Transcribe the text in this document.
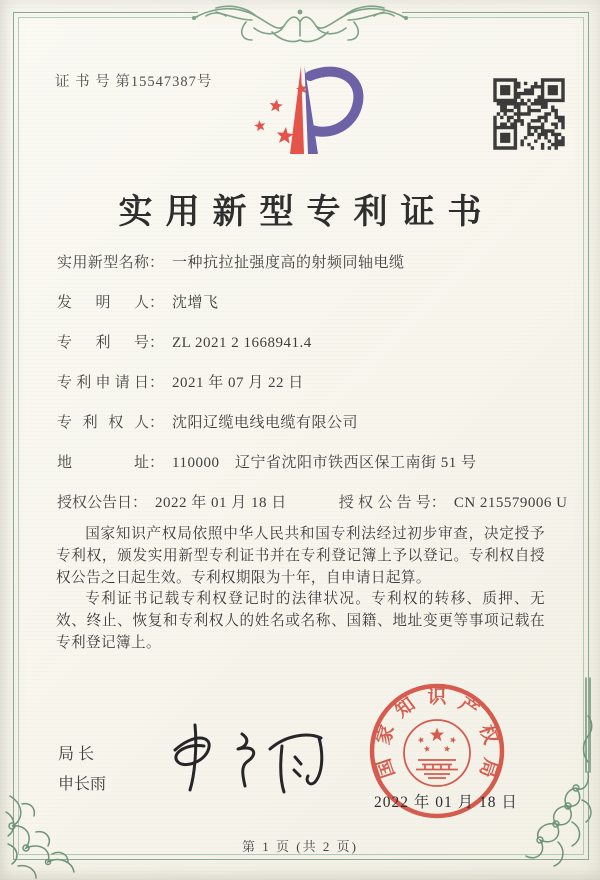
证 书 号 第15547387号
实用新型专利证书
实用新型名称 ： 一种抗拉扯强度高的射频同轴电缆
发明人 ： 沈增飞
专利号 ： ZL 2021 2 1668941.4
专利申请日 ： 2021 年 07 月 22 日
专利权人 ： 沈阳辽缆电线电缆有限公司
地址 ： 110000　辽宁省沈阳市铁西区保工南街 51 号
授权公告日 ： 2022 年 01 月 18 日	授权公告号 ： CN 215579006 U

国家知识产权局依照中华人民共和国专利法经过初步审查，决定授予专利权，颁发实用新型专利证书并在专利登记簿上予以登记。专利权自授权公告之日起生效。专利权期限为十年，自申请日起算。

专利证书记载专利权登记时的法律状况。专利权的转移、质押、无效、终止、恢复和专利权人的姓名或名称、国籍、地址变更等事项记载在专利登记簿上。

局长
申长雨
国家知识产权局
2022 年 01 月 18 日
第 1 页 (共 2 页)
